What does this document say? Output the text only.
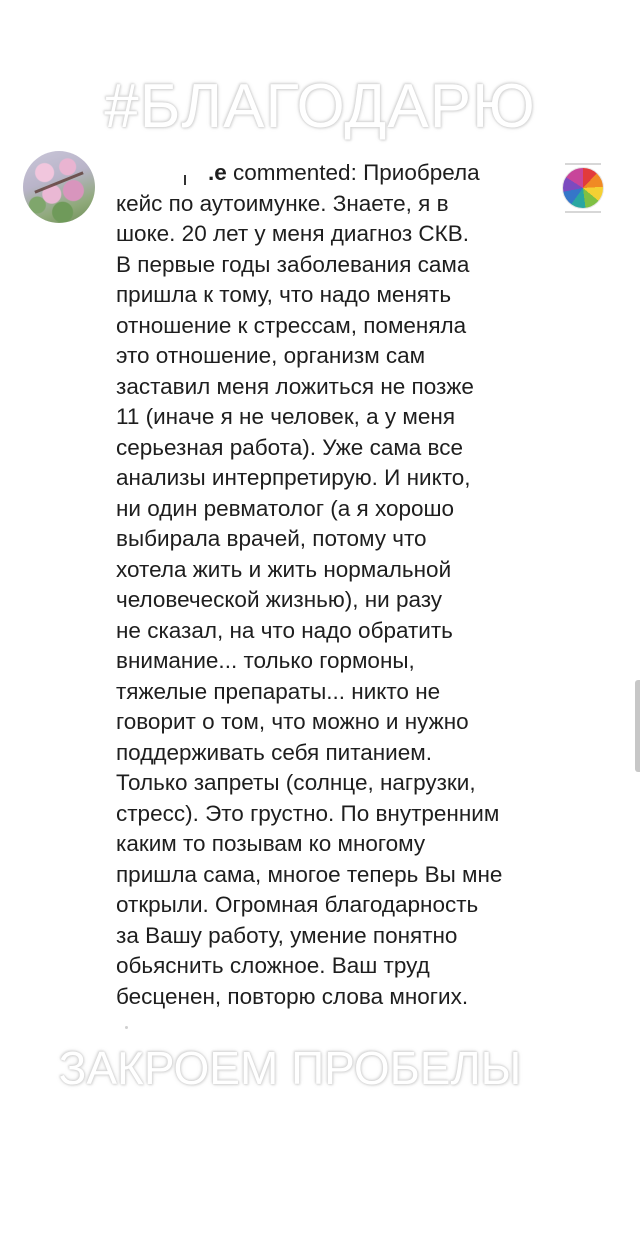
#БЛАГОДАРЮ
.e commented: Приобрела
кейс по аутоимунке. Знаете, я в
шоке. 20 лет у меня диагноз СКВ.
В первые годы заболевания сама
пришла к тому, что надо менять
отношение к стрессам, поменяла
это отношение, организм сам
заставил меня ложиться не позже
11 (иначе я не человек, а у меня
серьезная работа). Уже сама все
анализы интерпретирую. И никто,
ни один ревматолог (а я хорошо
выбирала врачей, потому что
хотела жить и жить нормальной
человеческой жизнью), ни разу
не сказал, на что надо обратить
внимание... только гормоны,
тяжелые препараты... никто не
говорит о том, что можно и нужно
поддерживать себя питанием.
Только запреты (солнце, нагрузки,
стресс). Это грустно. По внутренним
каким то позывам ко многому
пришла сама, многое теперь Вы мне
открыли. Огромная благодарность
за Вашу работу, умение понятно
обьяснить сложное. Ваш труд
бесценен, повторю слова многих.
ЗАКРОЕМ ПРОБЕЛЫ
